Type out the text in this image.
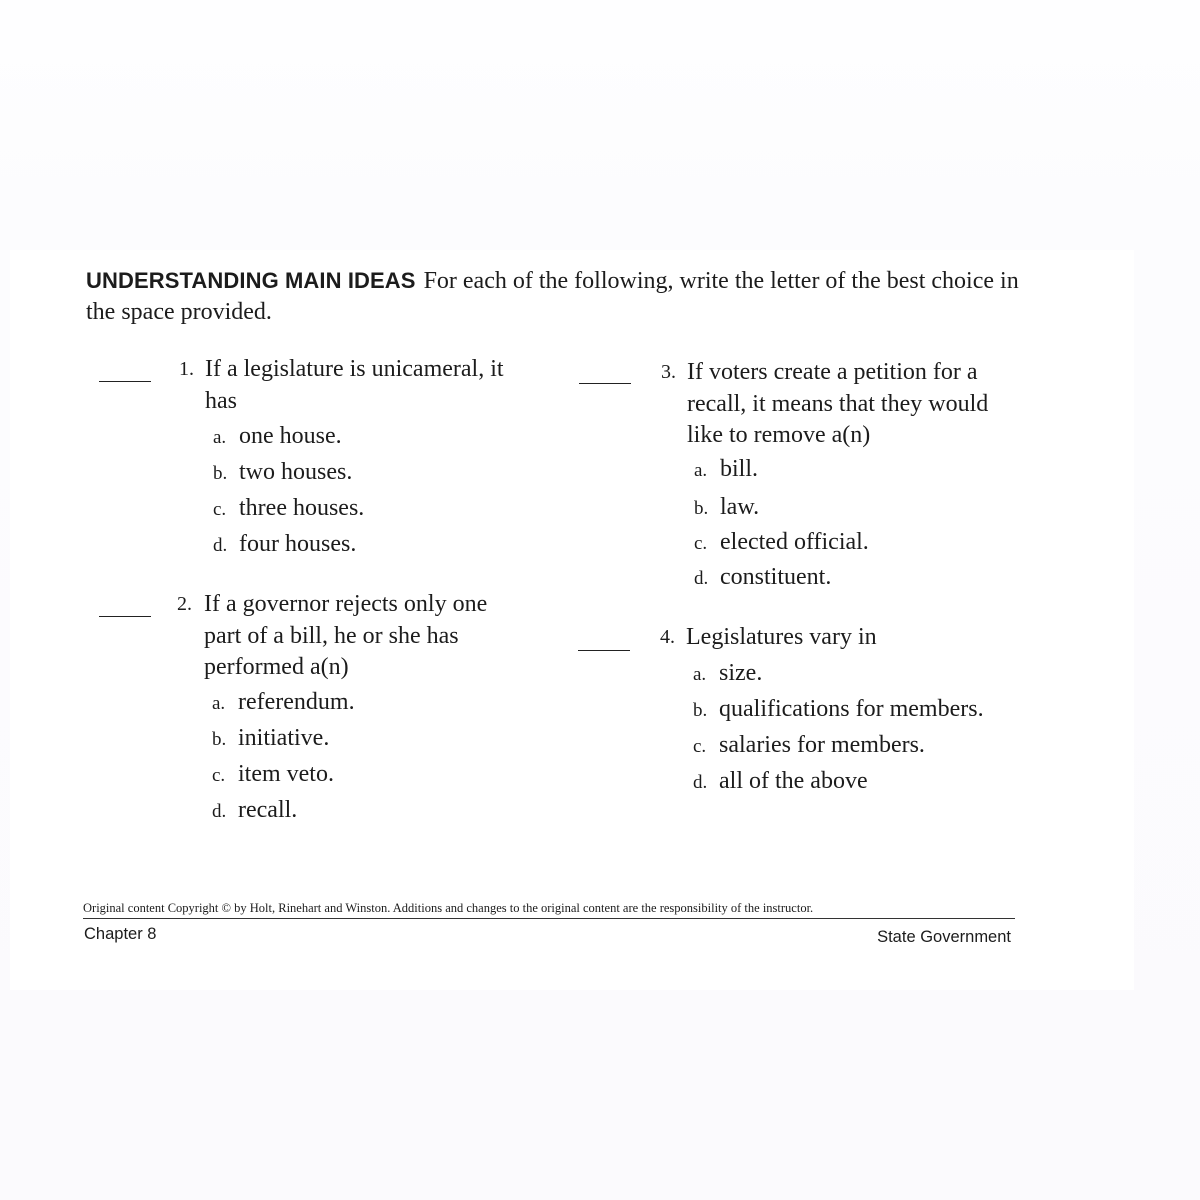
UNDERSTANDING MAIN IDEAS For each of the following, write the letter of the best choice in the space provided.
1. If a legislature is unicameral, it has
a. one house.
b. two houses.
c. three houses.
d. four houses.
2. If a governor rejects only one part of a bill, he or she has performed a(n)
a. referendum.
b. initiative.
c. item veto.
d. recall.
3. If voters create a petition for a recall, it means that they would like to remove a(n)
a. bill.
b. law.
c. elected official.
d. constituent.
4. Legislatures vary in
a. size.
b. qualifications for members.
c. salaries for members.
d. all of the above
Original content Copyright © by Holt, Rinehart and Winston. Additions and changes to the original content are the responsibility of the instructor.
Chapter 8	State Government
